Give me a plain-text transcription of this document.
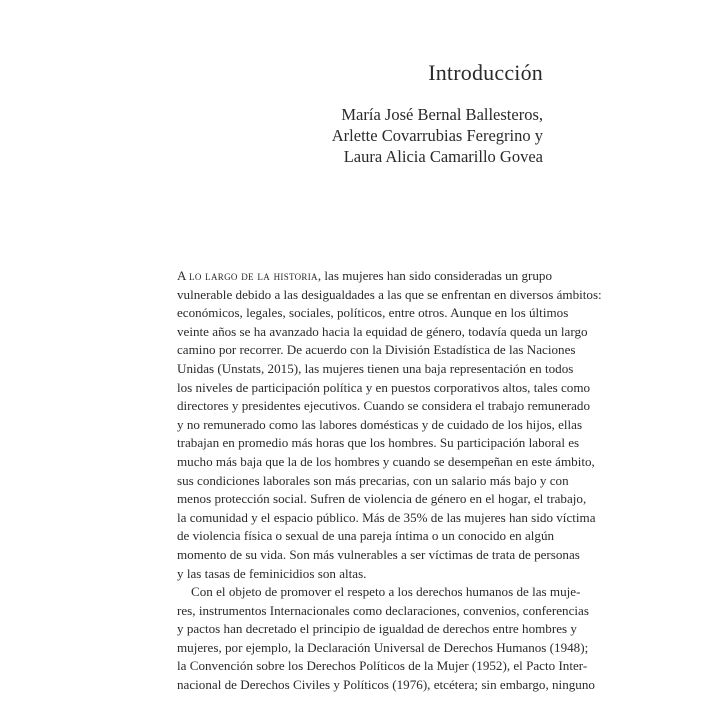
Introducción
María José Bernal Ballesteros,
Arlette Covarrubias Feregrino y
Laura Alicia Camarillo Govea
A lo largo de la historia, las mujeres han sido consideradas un grupo
vulnerable debido a las desigualdades a las que se enfrentan en diversos ámbitos:
económicos, legales, sociales, políticos, entre otros. Aunque en los últimos
veinte años se ha avanzado hacia la equidad de género, todavía queda un largo
camino por recorrer. De acuerdo con la División Estadística de las Naciones
Unidas (Unstats, 2015), las mujeres tienen una baja representación en todos
los niveles de participación política y en puestos corporativos altos, tales como
directores y presidentes ejecutivos. Cuando se considera el trabajo remunerado
y no remunerado como las labores domésticas y de cuidado de los hijos, ellas
trabajan en promedio más horas que los hombres. Su participación laboral es
mucho más baja que la de los hombres y cuando se desempeñan en este ámbito,
sus condiciones laborales son más precarias, con un salario más bajo y con
menos protección social. Sufren de violencia de género en el hogar, el trabajo,
la comunidad y el espacio público. Más de 35% de las mujeres han sido víctima
de violencia física o sexual de una pareja íntima o un conocido en algún
momento de su vida. Son más vulnerables a ser víctimas de trata de personas
y las tasas de feminicidios son altas.
Con el objeto de promover el respeto a los derechos humanos de las muje-
res, instrumentos Internacionales como declaraciones, convenios, conferencias
y pactos han decretado el principio de igualdad de derechos entre hombres y
mujeres, por ejemplo, la Declaración Universal de Derechos Humanos (1948);
la Convención sobre los Derechos Políticos de la Mujer (1952), el Pacto Inter-
nacional de Derechos Civiles y Políticos (1976), etcétera; sin embargo, ninguno
